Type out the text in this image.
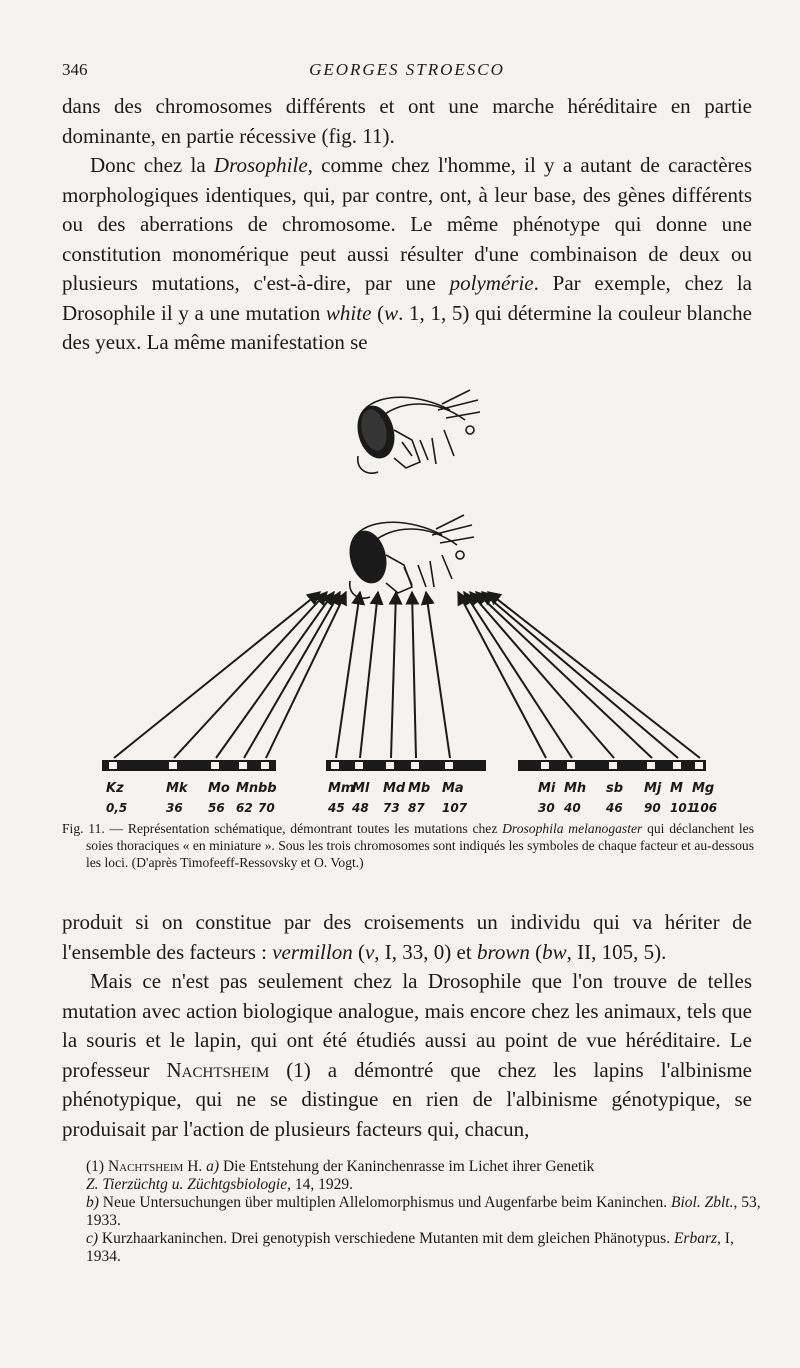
346	GEORGES STROESCO

dans des chromosomes différents et ont une marche héréditaire en partie dominante, en partie récessive (fig. 11).

Donc chez la Drosophile, comme chez l'homme, il y a autant de caractères morphologiques identiques, qui, par contre, ont, à leur base, des gènes différents ou des aberrations de chromosome. Le même phénotype qui donne une constitution monomérique peut aussi résulter d'une combinaison de deux ou plusieurs mutations, c'est-à-dire, par une polymérie. Par exemple, chez la Drosophile il y a une mutation white (w. 1, 1, 5) qui détermine la couleur blanche des yeux. La même manifestation se

Kz
0,5
Mk
36
Mo
56
Mn
62
bb
70
Mm
45
Ml
48
Md
73
Mb
87
Ma
107
Mi
30
Mh
40
sb
46
Mj
90
M
101
Mg
106
Fig. 11. — Représentation schématique, démontrant toutes les mutations chez Drosophila melanogaster qui déclanchent les soies thoraciques « en miniature ». Sous les trois chromosomes sont indiqués les symboles de chaque facteur et au-dessous les loci. (D'après Timofeeff-Ressovsky et O. Vogt.)

produit si on constitue par des croisements un individu qui va hériter de l'ensemble des facteurs : vermillon (v, I, 33, 0) et brown (bw, II, 105, 5).

Mais ce n'est pas seulement chez la Drosophile que l'on trouve de telles mutation avec action biologique analogue, mais encore chez les animaux, tels que la souris et le lapin, qui ont été étudiés aussi au point de vue héréditaire. Le professeur Nachtsheim (1) a démontré que chez les lapins l'albinisme phénotypique, qui ne se distingue en rien de l'albinisme génotypique, se produisait par l'action de plusieurs facteurs qui, chacun,

(1) Nachtsheim H. a) Die Entstehung der Kaninchenrasse im Lichet ihrer Genetik
Z. Tierzüchtg u. Züchtgsbiologie, 14, 1929.
b) Neue Untersuchungen über multiplen Allelomorphismus und Augenfarbe beim Kaninchen. Biol. Zblt., 53, 1933.
c) Kurzhaarkaninchen. Drei genotypish verschiedene Mutanten mit dem gleichen Phänotypus. Erbarz, I, 1934.
